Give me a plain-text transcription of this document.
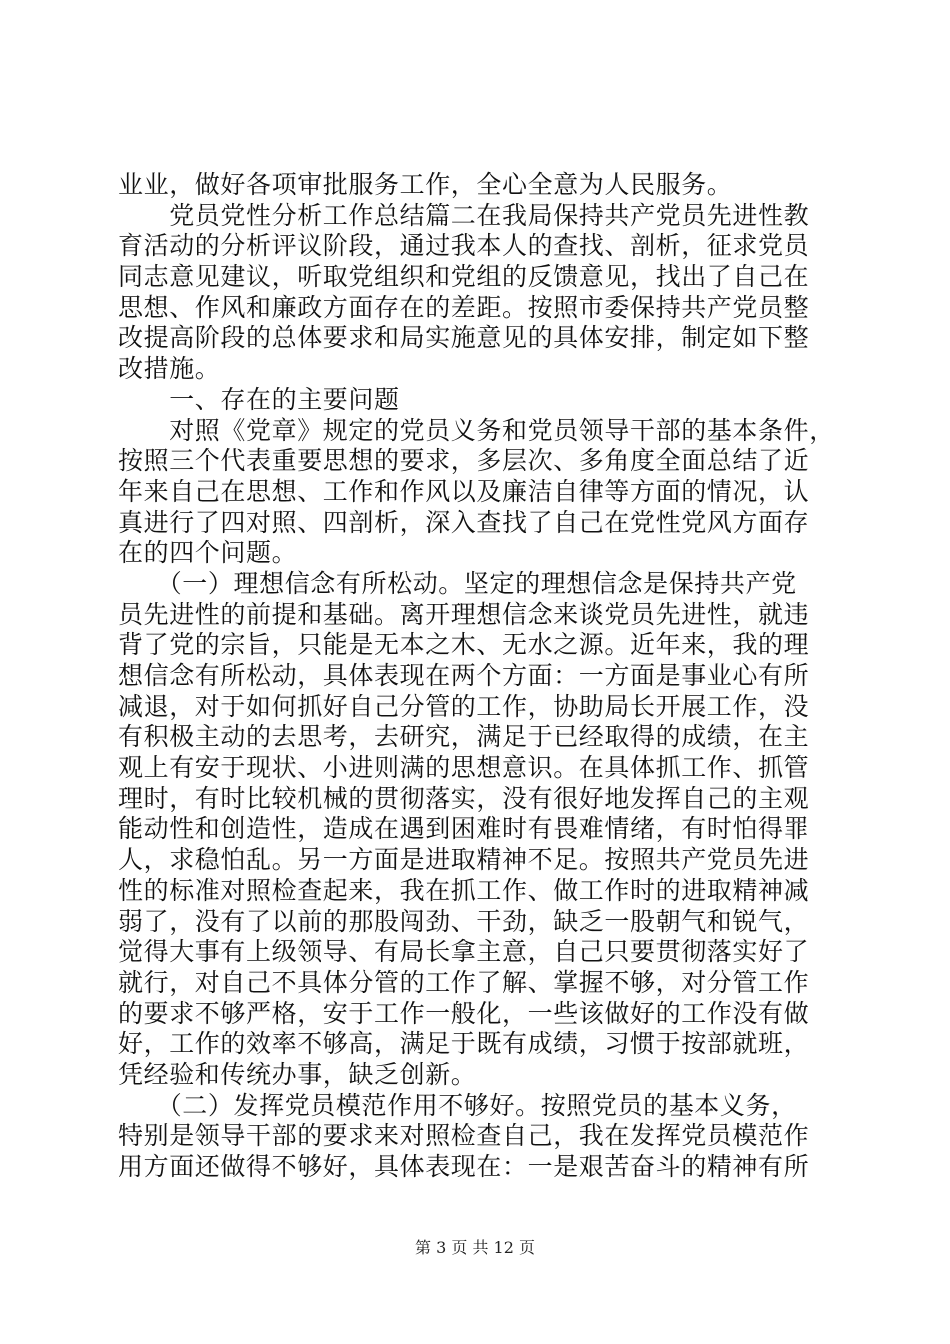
业业，做好各项审批服务工作，全心全意为人民服务。
　　党员党性分析工作总结篇二在我局保持共产党员先进性教
育活动的分析评议阶段，通过我本人的查找、剖析，征求党员
同志意见建议，听取党组织和党组的反馈意见，找出了自己在
思想、作风和廉政方面存在的差距。按照市委保持共产党员整
改提高阶段的总体要求和局实施意见的具体安排，制定如下整
改措施。
　　一、存在的主要问题
　　对照《党章》规定的党员义务和党员领导干部的基本条件，
按照三个代表重要思想的要求，多层次、多角度全面总结了近
年来自己在思想、工作和作风以及廉洁自律等方面的情况，认
真进行了四对照、四剖析，深入查找了自己在党性党风方面存
在的四个问题。
　　（一）理想信念有所松动。坚定的理想信念是保持共产党
员先进性的前提和基础。离开理想信念来谈党员先进性，就违
背了党的宗旨，只能是无本之木、无水之源。近年来，我的理
想信念有所松动，具体表现在两个方面：一方面是事业心有所
减退，对于如何抓好自己分管的工作，协助局长开展工作，没
有积极主动的去思考，去研究，满足于已经取得的成绩，在主
观上有安于现状、小进则满的思想意识。在具体抓工作、抓管
理时，有时比较机械的贯彻落实，没有很好地发挥自己的主观
能动性和创造性，造成在遇到困难时有畏难情绪，有时怕得罪
人，求稳怕乱。另一方面是进取精神不足。按照共产党员先进
性的标准对照检查起来，我在抓工作、做工作时的进取精神减
弱了，没有了以前的那股闯劲、干劲，缺乏一股朝气和锐气，
觉得大事有上级领导、有局长拿主意，自己只要贯彻落实好了
就行，对自己不具体分管的工作了解、掌握不够，对分管工作
的要求不够严格，安于工作一般化，一些该做好的工作没有做
好，工作的效率不够高，满足于既有成绩，习惯于按部就班，
凭经验和传统办事，缺乏创新。
　　（二）发挥党员模范作用不够好。按照党员的基本义务，
特别是领导干部的要求来对照检查自己，我在发挥党员模范作
用方面还做得不够好，具体表现在：一是艰苦奋斗的精神有所
第 3 页 共 12 页
